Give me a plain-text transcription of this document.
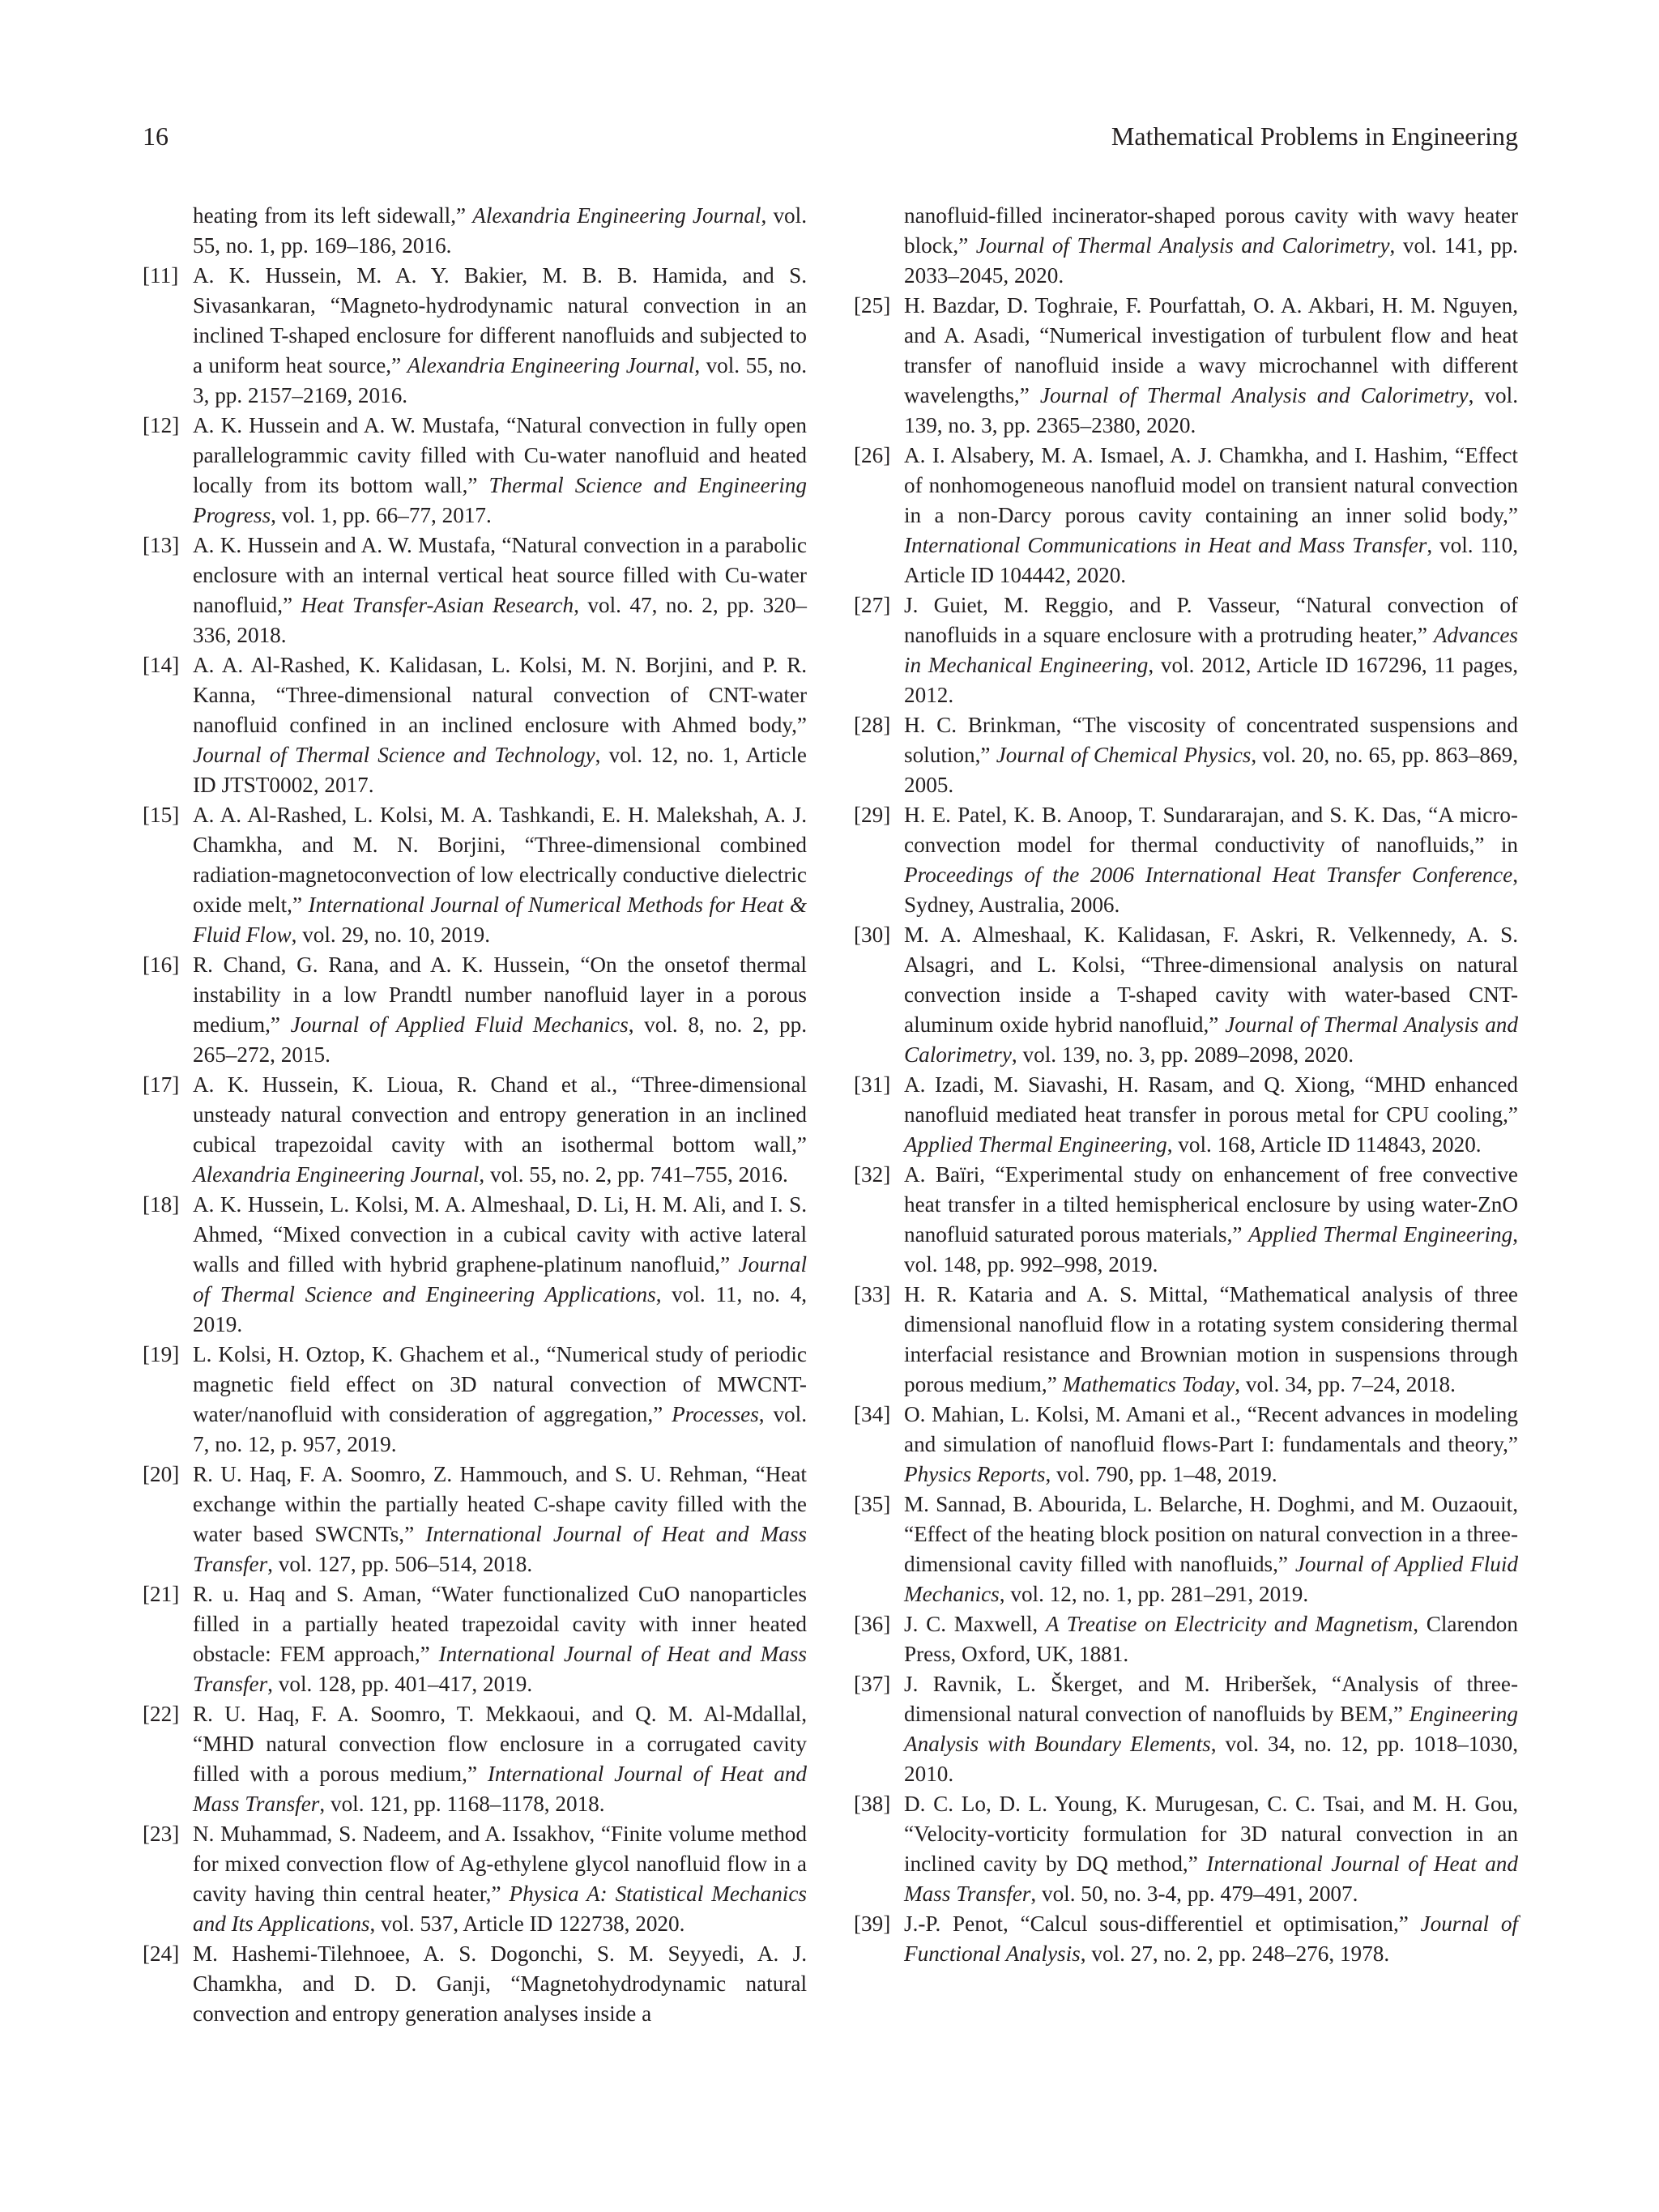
16	Mathematical Problems in Engineering
heating from its left sidewall,” Alexandria Engineering Journal, vol. 55, no. 1, pp. 169–186, 2016.
[11] A. K. Hussein, M. A. Y. Bakier, M. B. B. Hamida, and S. Sivasankaran, “Magneto-hydrodynamic natural convection in an inclined T-shaped enclosure for different nanofluids and subjected to a uniform heat source,” Alexandria Engineering Journal, vol. 55, no. 3, pp. 2157–2169, 2016.
[12] A. K. Hussein and A. W. Mustafa, “Natural convection in fully open parallelogrammic cavity filled with Cu-water nanofluid and heated locally from its bottom wall,” Thermal Science and Engineering Progress, vol. 1, pp. 66–77, 2017.
[13] A. K. Hussein and A. W. Mustafa, “Natural convection in a parabolic enclosure with an internal vertical heat source filled with Cu-water nanofluid,” Heat Transfer-Asian Research, vol. 47, no. 2, pp. 320–336, 2018.
[14] A. A. Al-Rashed, K. Kalidasan, L. Kolsi, M. N. Borjini, and P. R. Kanna, “Three-dimensional natural convection of CNT-water nanofluid confined in an inclined enclosure with Ahmed body,” Journal of Thermal Science and Technology, vol. 12, no. 1, Article ID JTST0002, 2017.
[15] A. A. Al-Rashed, L. Kolsi, M. A. Tashkandi, E. H. Malekshah, A. J. Chamkha, and M. N. Borjini, “Three-dimensional combined radiation-magnetoconvection of low electrically conductive dielectric oxide melt,” International Journal of Numerical Methods for Heat & Fluid Flow, vol. 29, no. 10, 2019.
[16] R. Chand, G. Rana, and A. K. Hussein, “On the onsetof thermal instability in a low Prandtl number nanofluid layer in a porous medium,” Journal of Applied Fluid Mechanics, vol. 8, no. 2, pp. 265–272, 2015.
[17] A. K. Hussein, K. Lioua, R. Chand et al., “Three-dimensional unsteady natural convection and entropy generation in an inclined cubical trapezoidal cavity with an isothermal bottom wall,” Alexandria Engineering Journal, vol. 55, no. 2, pp. 741–755, 2016.
[18] A. K. Hussein, L. Kolsi, M. A. Almeshaal, D. Li, H. M. Ali, and I. S. Ahmed, “Mixed convection in a cubical cavity with active lateral walls and filled with hybrid graphene-platinum nanofluid,” Journal of Thermal Science and Engineering Applications, vol. 11, no. 4, 2019.
[19] L. Kolsi, H. Oztop, K. Ghachem et al., “Numerical study of periodic magnetic field effect on 3D natural convection of MWCNT-water/nanofluid with consideration of aggregation,” Processes, vol. 7, no. 12, p. 957, 2019.
[20] R. U. Haq, F. A. Soomro, Z. Hammouch, and S. U. Rehman, “Heat exchange within the partially heated C-shape cavity filled with the water based SWCNTs,” International Journal of Heat and Mass Transfer, vol. 127, pp. 506–514, 2018.
[21] R. u. Haq and S. Aman, “Water functionalized CuO nanoparticles filled in a partially heated trapezoidal cavity with inner heated obstacle: FEM approach,” International Journal of Heat and Mass Transfer, vol. 128, pp. 401–417, 2019.
[22] R. U. Haq, F. A. Soomro, T. Mekkaoui, and Q. M. Al-Mdallal, “MHD natural convection flow enclosure in a corrugated cavity filled with a porous medium,” International Journal of Heat and Mass Transfer, vol. 121, pp. 1168–1178, 2018.
[23] N. Muhammad, S. Nadeem, and A. Issakhov, “Finite volume method for mixed convection flow of Ag-ethylene glycol nanofluid flow in a cavity having thin central heater,” Physica A: Statistical Mechanics and Its Applications, vol. 537, Article ID 122738, 2020.
[24] M. Hashemi-Tilehnoee, A. S. Dogonchi, S. M. Seyyedi, A. J. Chamkha, and D. D. Ganji, “Magnetohydrodynamic natural convection and entropy generation analyses inside a
nanofluid-filled incinerator-shaped porous cavity with wavy heater block,” Journal of Thermal Analysis and Calorimetry, vol. 141, pp. 2033–2045, 2020.
[25] H. Bazdar, D. Toghraie, F. Pourfattah, O. A. Akbari, H. M. Nguyen, and A. Asadi, “Numerical investigation of turbulent flow and heat transfer of nanofluid inside a wavy microchannel with different wavelengths,” Journal of Thermal Analysis and Calorimetry, vol. 139, no. 3, pp. 2365–2380, 2020.
[26] A. I. Alsabery, M. A. Ismael, A. J. Chamkha, and I. Hashim, “Effect of nonhomogeneous nanofluid model on transient natural convection in a non-Darcy porous cavity containing an inner solid body,” International Communications in Heat and Mass Transfer, vol. 110, Article ID 104442, 2020.
[27] J. Guiet, M. Reggio, and P. Vasseur, “Natural convection of nanofluids in a square enclosure with a protruding heater,” Advances in Mechanical Engineering, vol. 2012, Article ID 167296, 11 pages, 2012.
[28] H. C. Brinkman, “The viscosity of concentrated suspensions and solution,” Journal of Chemical Physics, vol. 20, no. 65, pp. 863–869, 2005.
[29] H. E. Patel, K. B. Anoop, T. Sundararajan, and S. K. Das, “A micro-convection model for thermal conductivity of nanofluids,” in Proceedings of the 2006 International Heat Transfer Conference, Sydney, Australia, 2006.
[30] M. A. Almeshaal, K. Kalidasan, F. Askri, R. Velkennedy, A. S. Alsagri, and L. Kolsi, “Three-dimensional analysis on natural convection inside a T-shaped cavity with water-based CNT-aluminum oxide hybrid nanofluid,” Journal of Thermal Analysis and Calorimetry, vol. 139, no. 3, pp. 2089–2098, 2020.
[31] A. Izadi, M. Siavashi, H. Rasam, and Q. Xiong, “MHD enhanced nanofluid mediated heat transfer in porous metal for CPU cooling,” Applied Thermal Engineering, vol. 168, Article ID 114843, 2020.
[32] A. Baïri, “Experimental study on enhancement of free convective heat transfer in a tilted hemispherical enclosure by using water-ZnO nanofluid saturated porous materials,” Applied Thermal Engineering, vol. 148, pp. 992–998, 2019.
[33] H. R. Kataria and A. S. Mittal, “Mathematical analysis of three dimensional nanofluid flow in a rotating system considering thermal interfacial resistance and Brownian motion in suspensions through porous medium,” Mathematics Today, vol. 34, pp. 7–24, 2018.
[34] O. Mahian, L. Kolsi, M. Amani et al., “Recent advances in modeling and simulation of nanofluid flows-Part I: fundamentals and theory,” Physics Reports, vol. 790, pp. 1–48, 2019.
[35] M. Sannad, B. Abourida, L. Belarche, H. Doghmi, and M. Ouzaouit, “Effect of the heating block position on natural convection in a three-dimensional cavity filled with nanofluids,” Journal of Applied Fluid Mechanics, vol. 12, no. 1, pp. 281–291, 2019.
[36] J. C. Maxwell, A Treatise on Electricity and Magnetism, Clarendon Press, Oxford, UK, 1881.
[37] J. Ravnik, L. Škerget, and M. Hriberšek, “Analysis of three-dimensional natural convection of nanofluids by BEM,” Engineering Analysis with Boundary Elements, vol. 34, no. 12, pp. 1018–1030, 2010.
[38] D. C. Lo, D. L. Young, K. Murugesan, C. C. Tsai, and M. H. Gou, “Velocity-vorticity formulation for 3D natural convection in an inclined cavity by DQ method,” International Journal of Heat and Mass Transfer, vol. 50, no. 3-4, pp. 479–491, 2007.
[39] J.-P. Penot, “Calcul sous-differentiel et optimisation,” Journal of Functional Analysis, vol. 27, no. 2, pp. 248–276, 1978.
